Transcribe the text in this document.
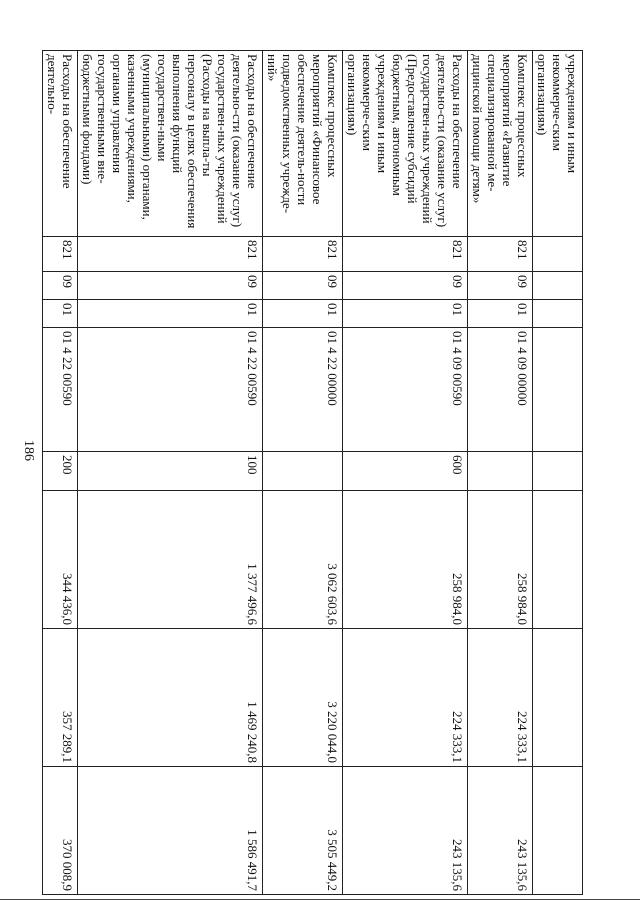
186
учреждениям и иным некоммерче-ским организациям)								
Комплекс процессных мероприятий «Развитие специализированной ме-дицинской помощи детям»	821	09	01	01 4 09 00000		258 984,0	224 333,1	243 135,6
Расходы на обеспечение деятельно-сти (оказание услуг) государствен-ных учреждений (Предоставление субсидий бюджетным, автономным учреждениям и иным некоммерче-ским организациям)	821	09	01	01 4 09 00590	600	258 984,0	224 333,1	243 135,6
Комплекс процессных мероприятий «Финансовое обеспечение деятель-ности подведомственных учрежде-ний»	821	09	01	01 4 22 00000		3 062 603,6	3 220 044,0	3 505 449,2
Расходы на обеспечение деятельно-сти (оказание услуг) государствен-ных учреждений (Расходы на выпла-ты персоналу в целях обеспечения выполнения функций государствен-ными (муниципальными) органами, казенными учреждениями, органами управления государственными вне-бюджетными фондами)	821	09	01	01 4 22 00590	100	1 377 496,6	1 469 240,8	1 586 491,7
Расходы на обеспечение деятельно-	821	09	01	01 4 22 00590	200	344 436,0	357 289,1	370 008,9
